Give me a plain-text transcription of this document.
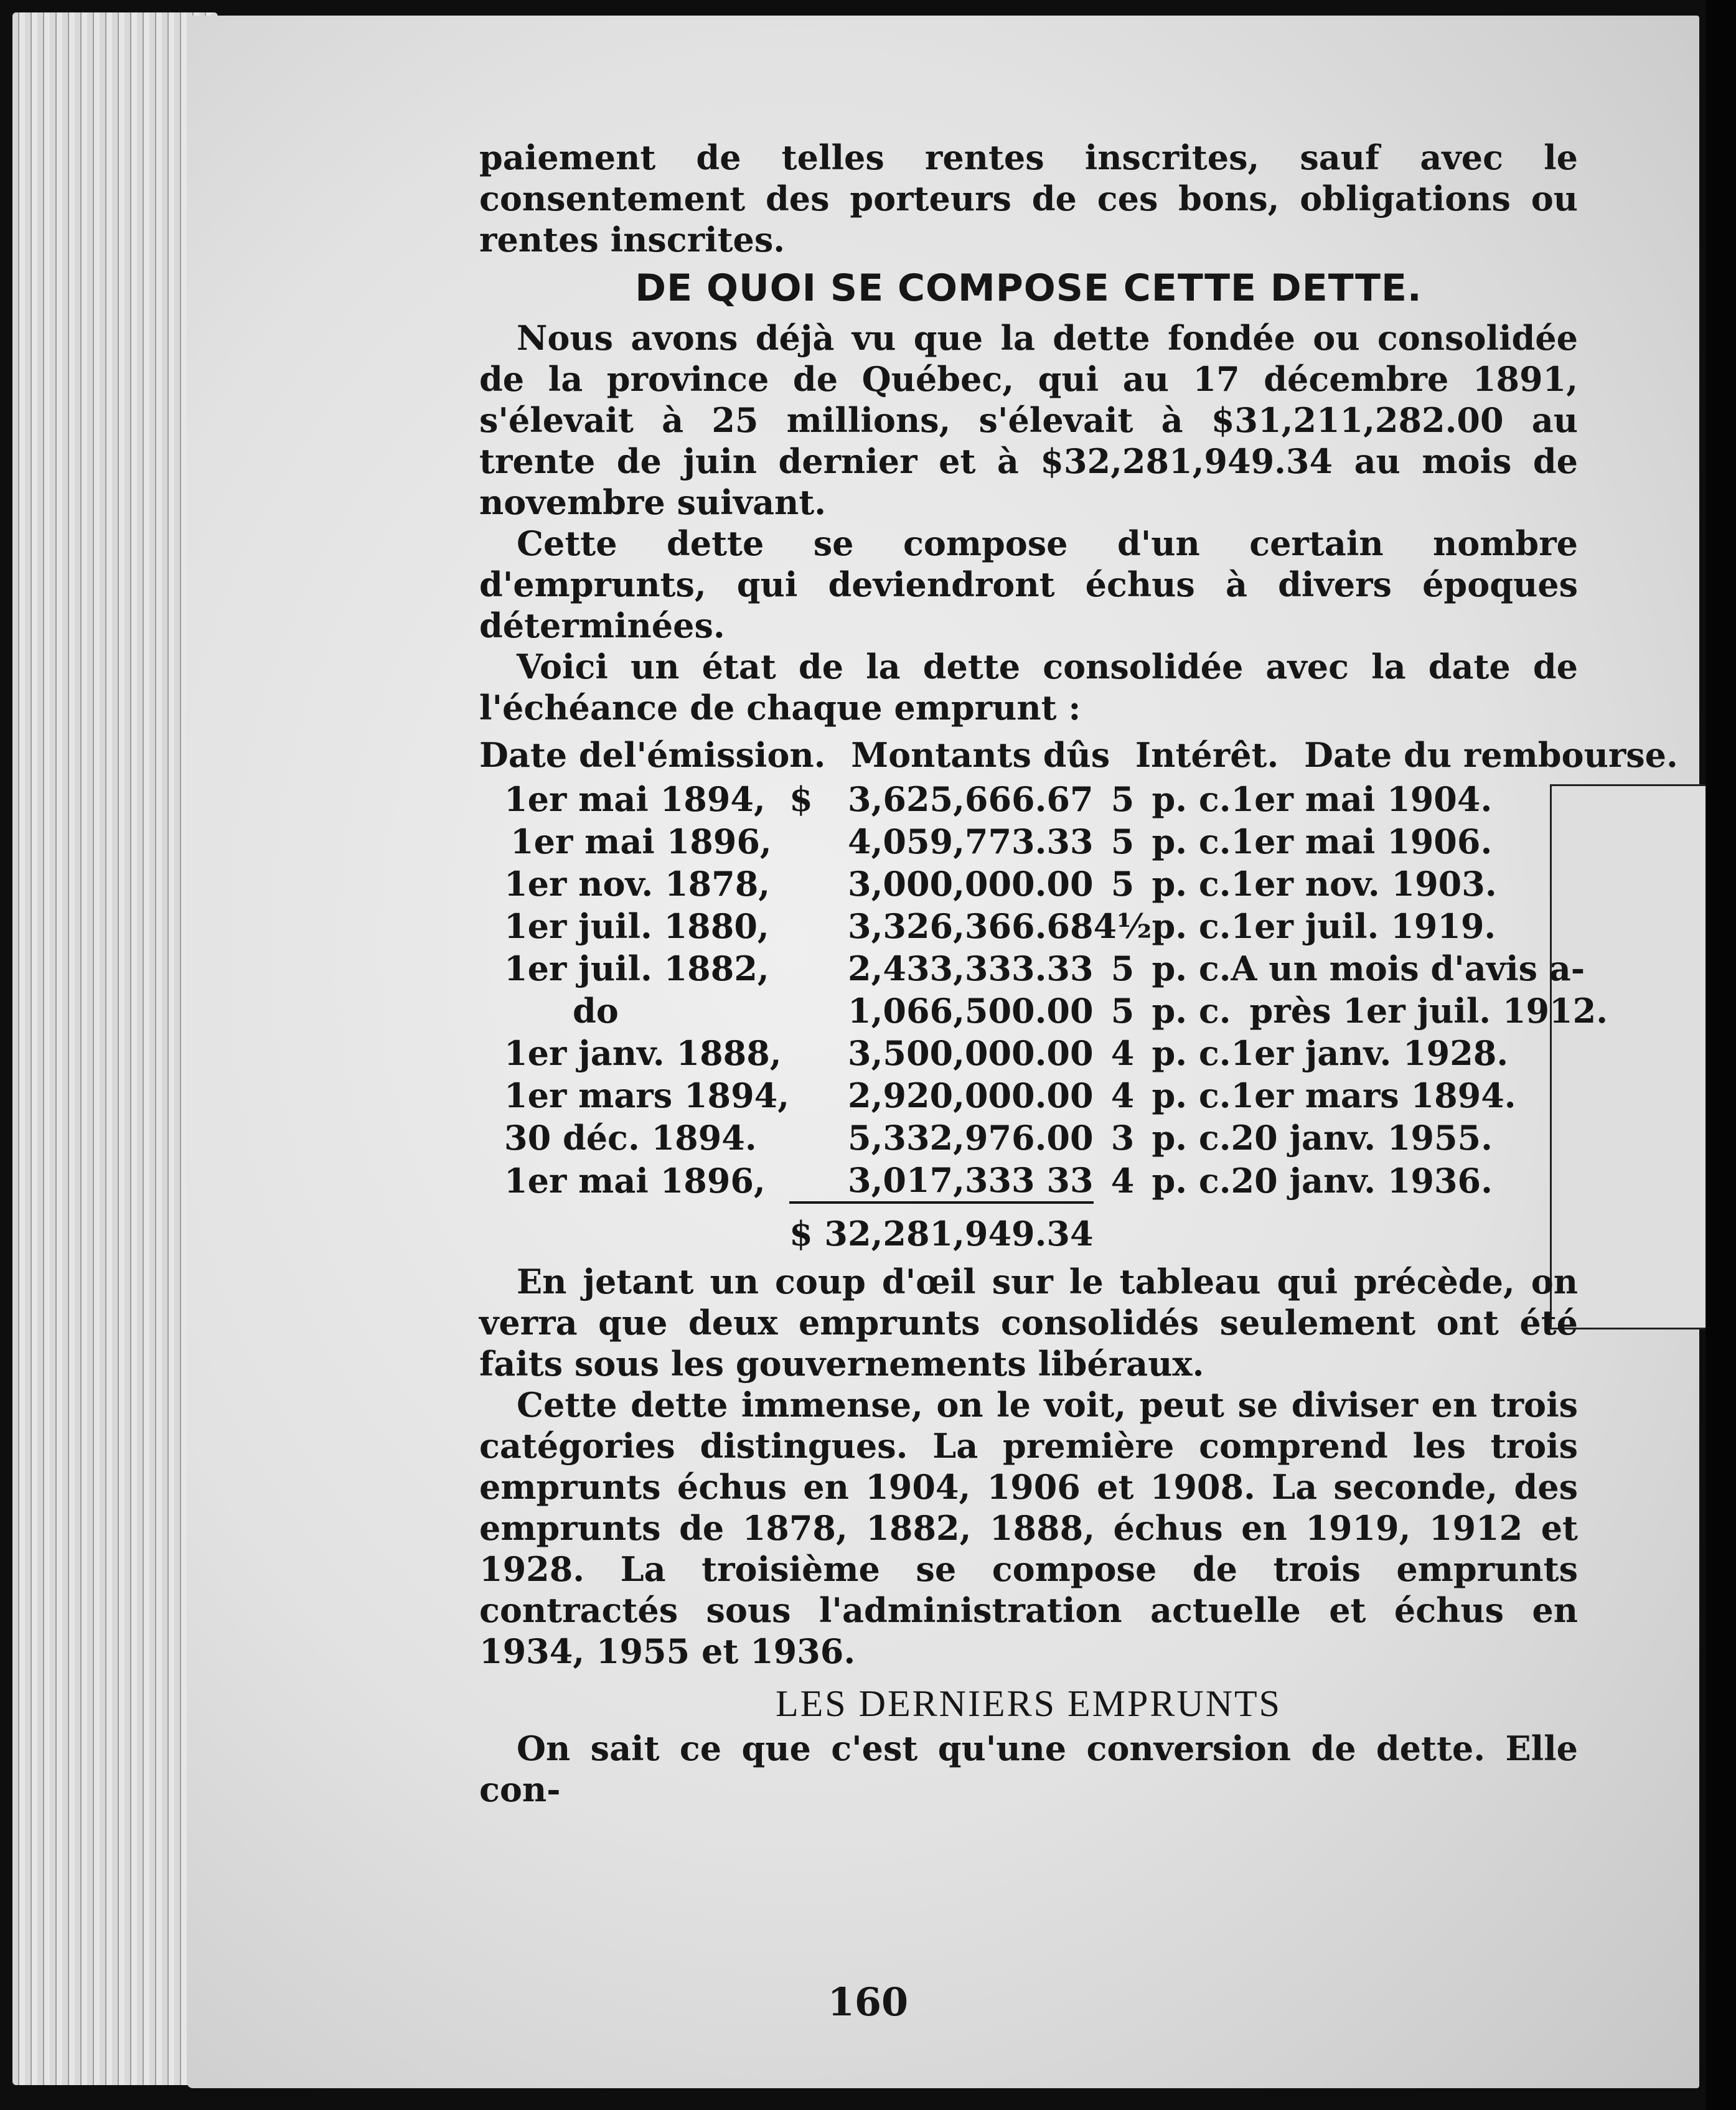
paiement de telles rentes inscrites, sauf avec le consentement des porteurs de ces bons, obligations ou rentes inscrites.

DE QUOI SE COMPOSE CETTE DETTE.

Nous avons déjà vu que la dette fondée ou consolidée de la province de Québec, qui au 17 décembre 1891, s'élevait à 25 millions, s'élevait à $31,211,282.00 au trente de juin dernier et à $32,281,949.34 au mois de novembre suivant.

Cette dette se compose d'un certain nombre d'emprunts, qui deviendront échus à divers époques déterminées.

Voici un état de la dette consolidée avec la date de l'échéance de chaque emprunt :

Date del'émission. Montants dûs Intérêt. Date du rembourse.
1er mai 1894,	$	3,625,666.67	5	p. c.	1er mai 1904.
1er mai 1896,		4,059,773.33	5	p. c.	1er mai 1906.
1er nov. 1878,		3,000,000.00	5	p. c.	1er nov. 1903.
1er juil. 1880,		3,326,366.68	4½	p. c.	1er juil. 1919.
1er juil. 1882,		2,433,333.33	5	p. c.	A un mois d'avis a-
do		1,066,500.00	5	p. c.	près 1er juil. 1912.
1er janv. 1888,		3,500,000.00	4	p. c.	1er janv. 1928.
1er mars 1894,		2,920,000.00	4	p. c.	1er mars 1894.
30 déc. 1894.		5,332,976.00	3	p. c.	20 janv. 1955.
1er mai 1896,		3,017,333 33	4	p. c.	20 janv. 1936.
	$ 32,281,949.34				

En jetant un coup d'œil sur le tableau qui précède, on verra que deux emprunts consolidés seulement ont été faits sous les gouvernements libéraux.

Cette dette immense, on le voit, peut se diviser en trois catégories distingues. La première comprend les trois emprunts échus en 1904, 1906 et 1908. La seconde, des emprunts de 1878, 1882, 1888, échus en 1919, 1912 et 1928. La troisième se compose de trois emprunts contractés sous l'administration actuelle et échus en 1934, 1955 et 1936.

LES DERNIERS EMPRUNTS

On sait ce que c'est qu'une conversion de dette. Elle con-

160
